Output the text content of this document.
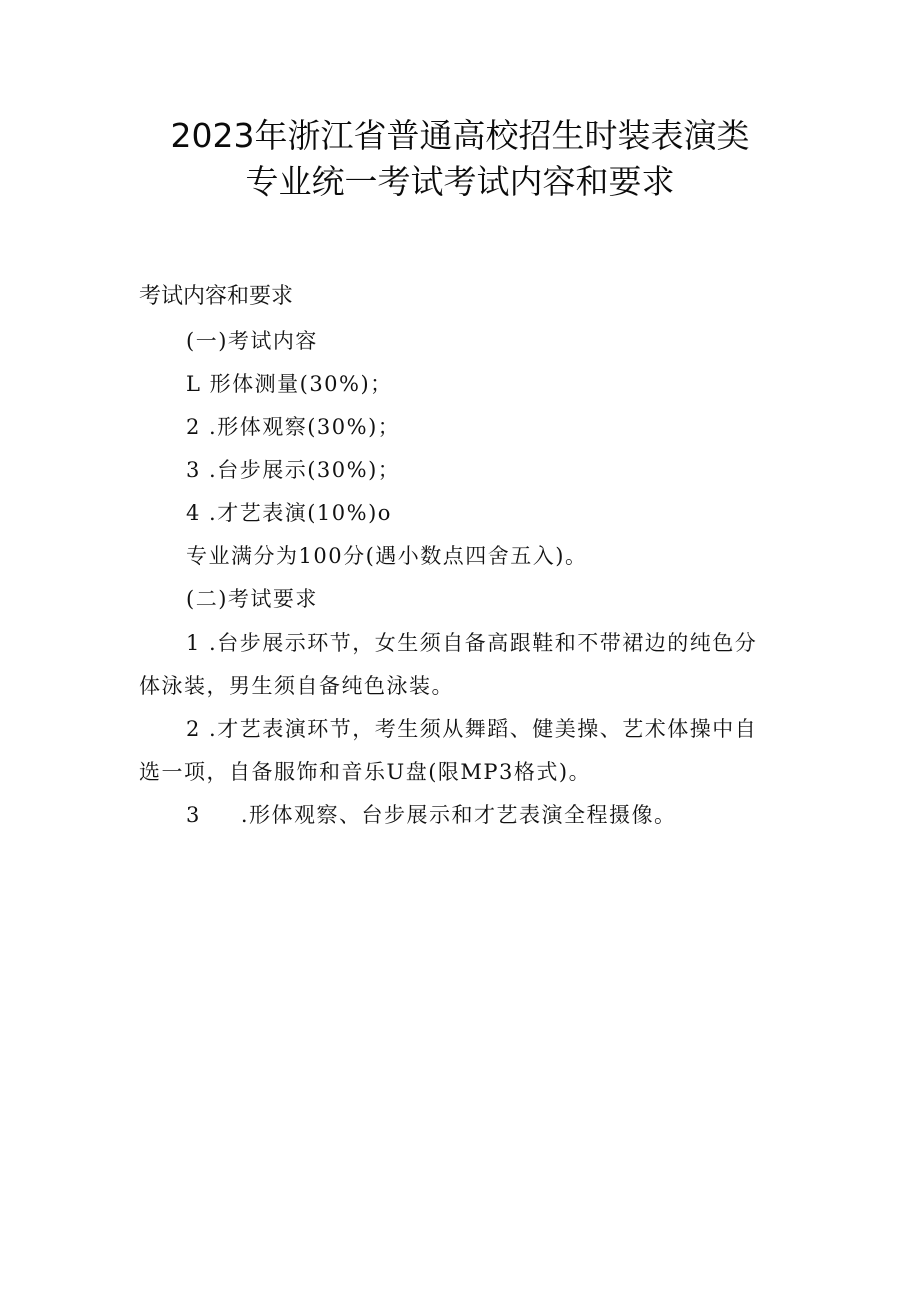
2023年浙江省普通高校招生时装表演类
专业统一考试考试内容和要求
考试内容和要求
(一)考试内容
L 形体测量(30%)；
2 .形体观察(30%)；
3 .台步展示(30%)；
4 .才艺表演(10%)o
专业满分为100分(遇小数点四舍五入)。
(二)考试要求
1 .台步展示环节，女生须自备高跟鞋和不带裙边的纯色分
体泳装，男生须自备纯色泳装。
2 .才艺表演环节，考生须从舞蹈、健美操、艺术体操中自
选一项，自备服饰和音乐U盘(限MP3格式)。
3 .形体观察、台步展示和才艺表演全程摄像。
